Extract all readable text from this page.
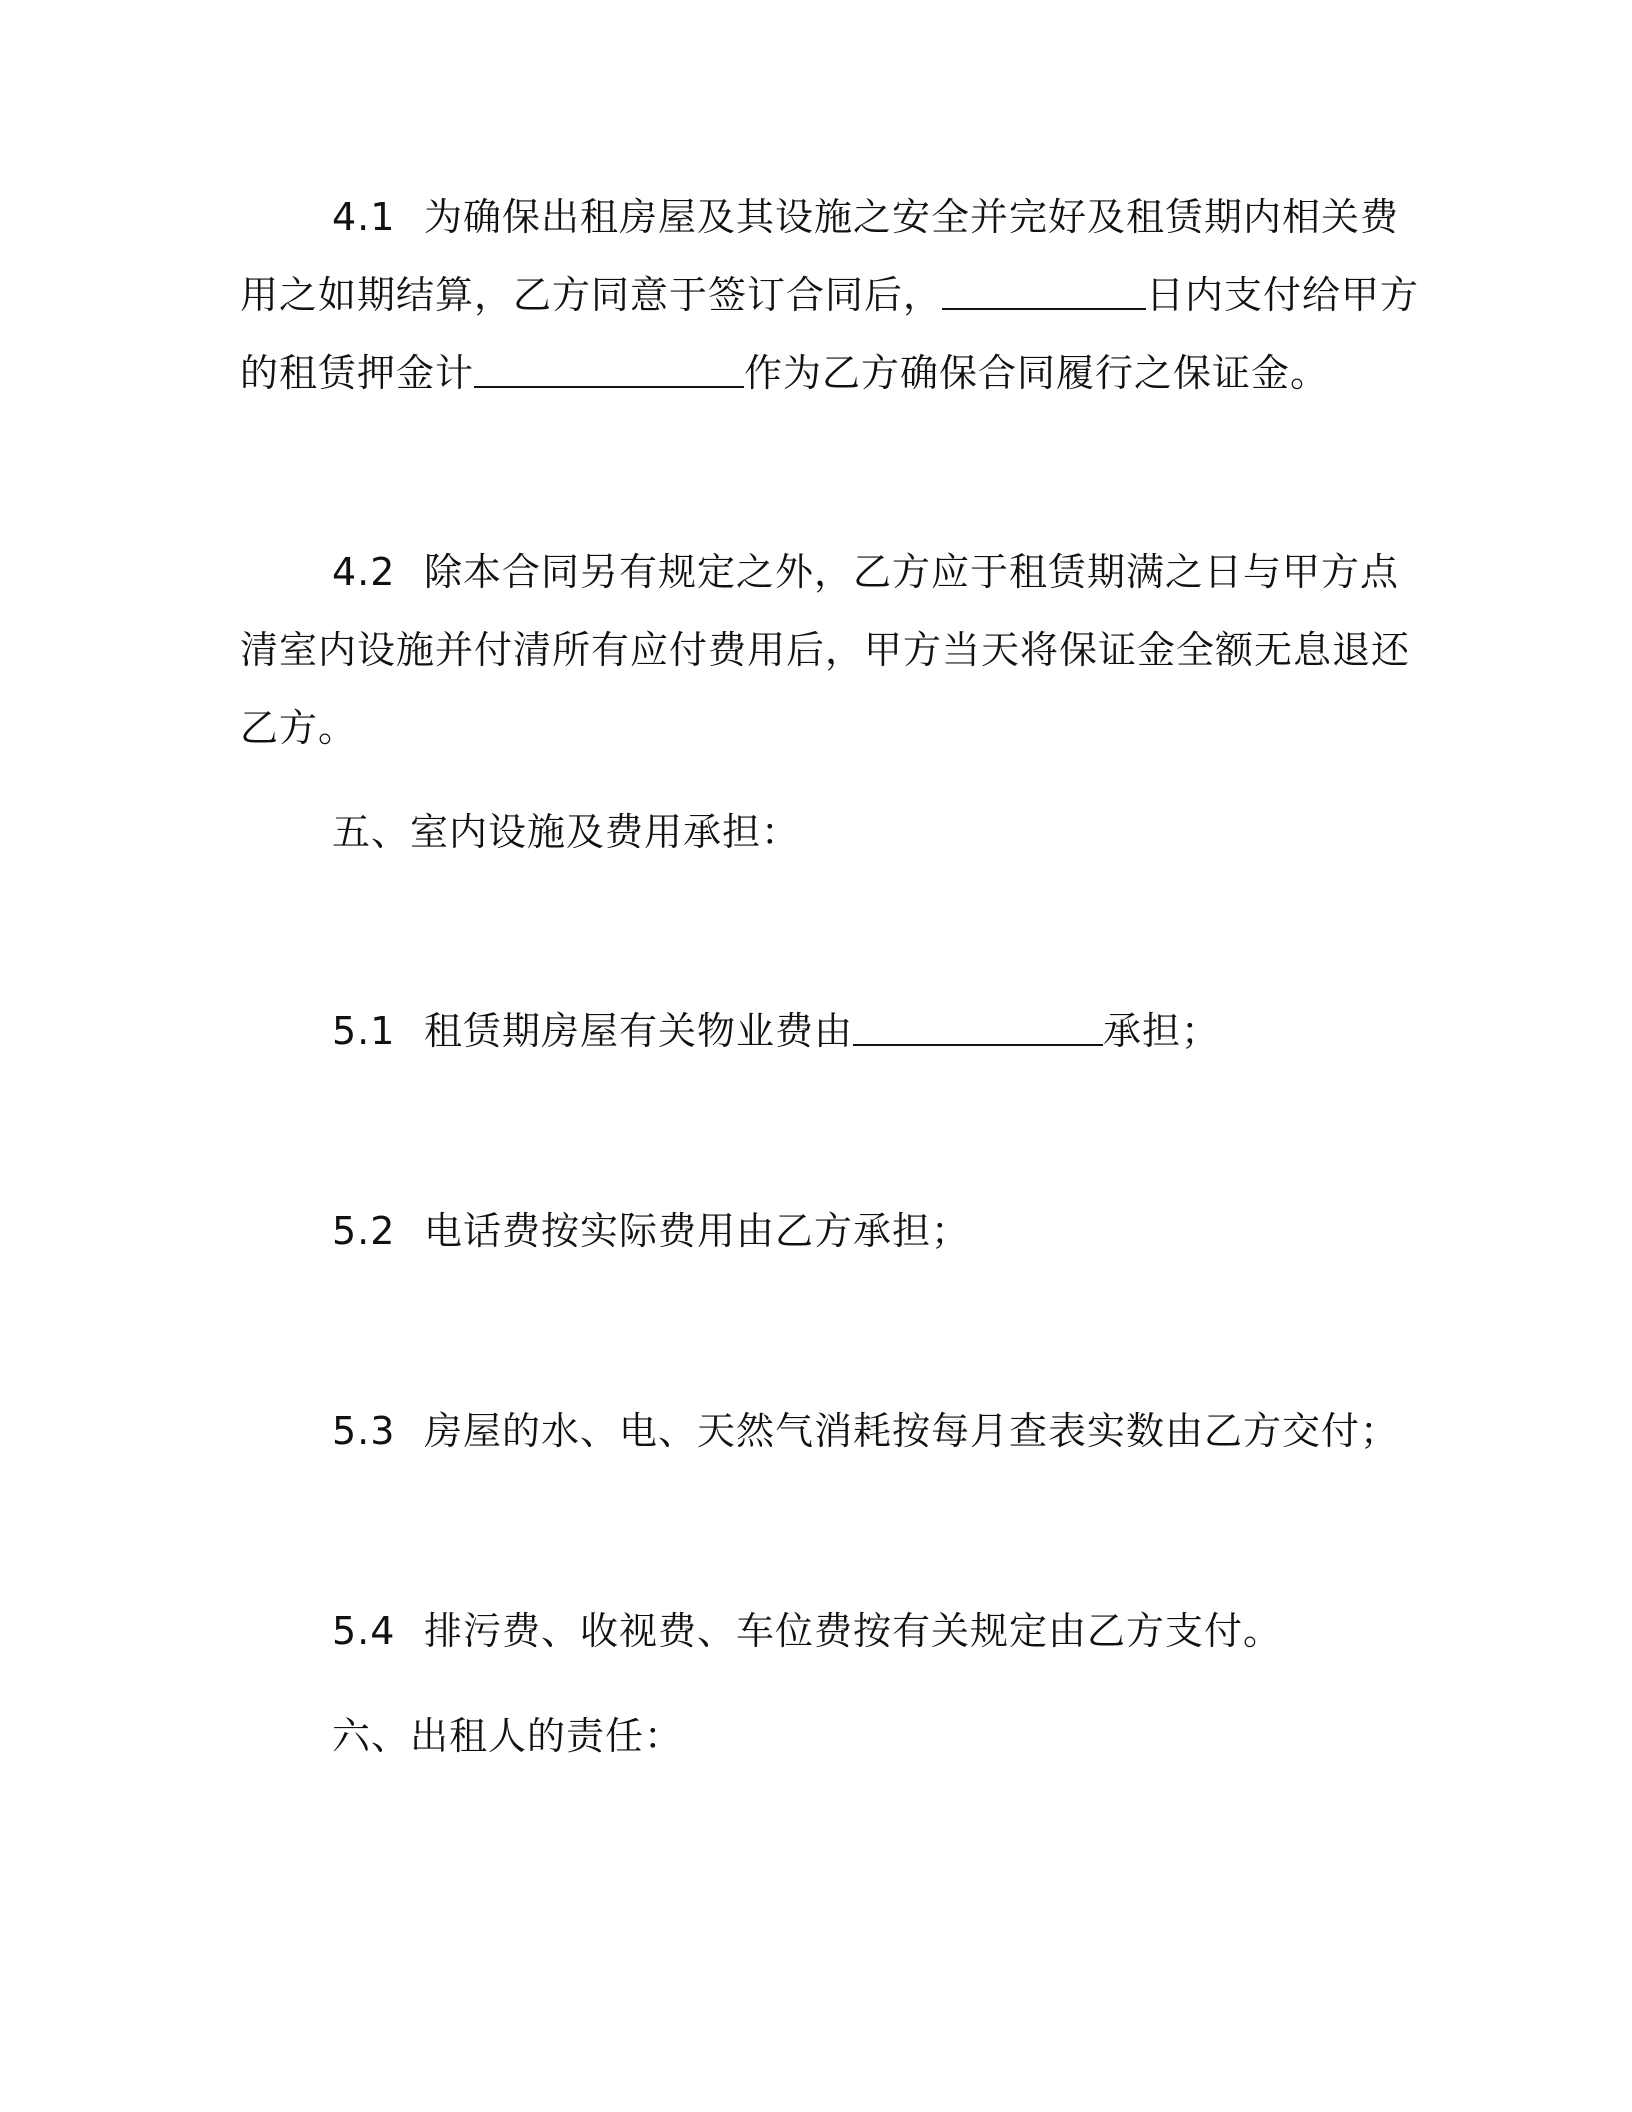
4.1 为确保出租房屋及其设施之安全并完好及租赁期内相关费
用之如期结算，乙方同意于签订合同后，	日内支付给甲方
的租赁押金计	作为乙方确保合同履行之保证金。
4.2 除本合同另有规定之外，乙方应于租赁期满之日与甲方点
清室内设施并付清所有应付费用后，甲方当天将保证金全额无息退还
乙方。
五、室内设施及费用承担：
5.1 租赁期房屋有关物业费由	承担；
5.2 电话费按实际费用由乙方承担；
5.3 房屋的水、电、天然气消耗按每月查表实数由乙方交付；
5.4 排污费、收视费、车位费按有关规定由乙方支付。
六、出租人的责任：
